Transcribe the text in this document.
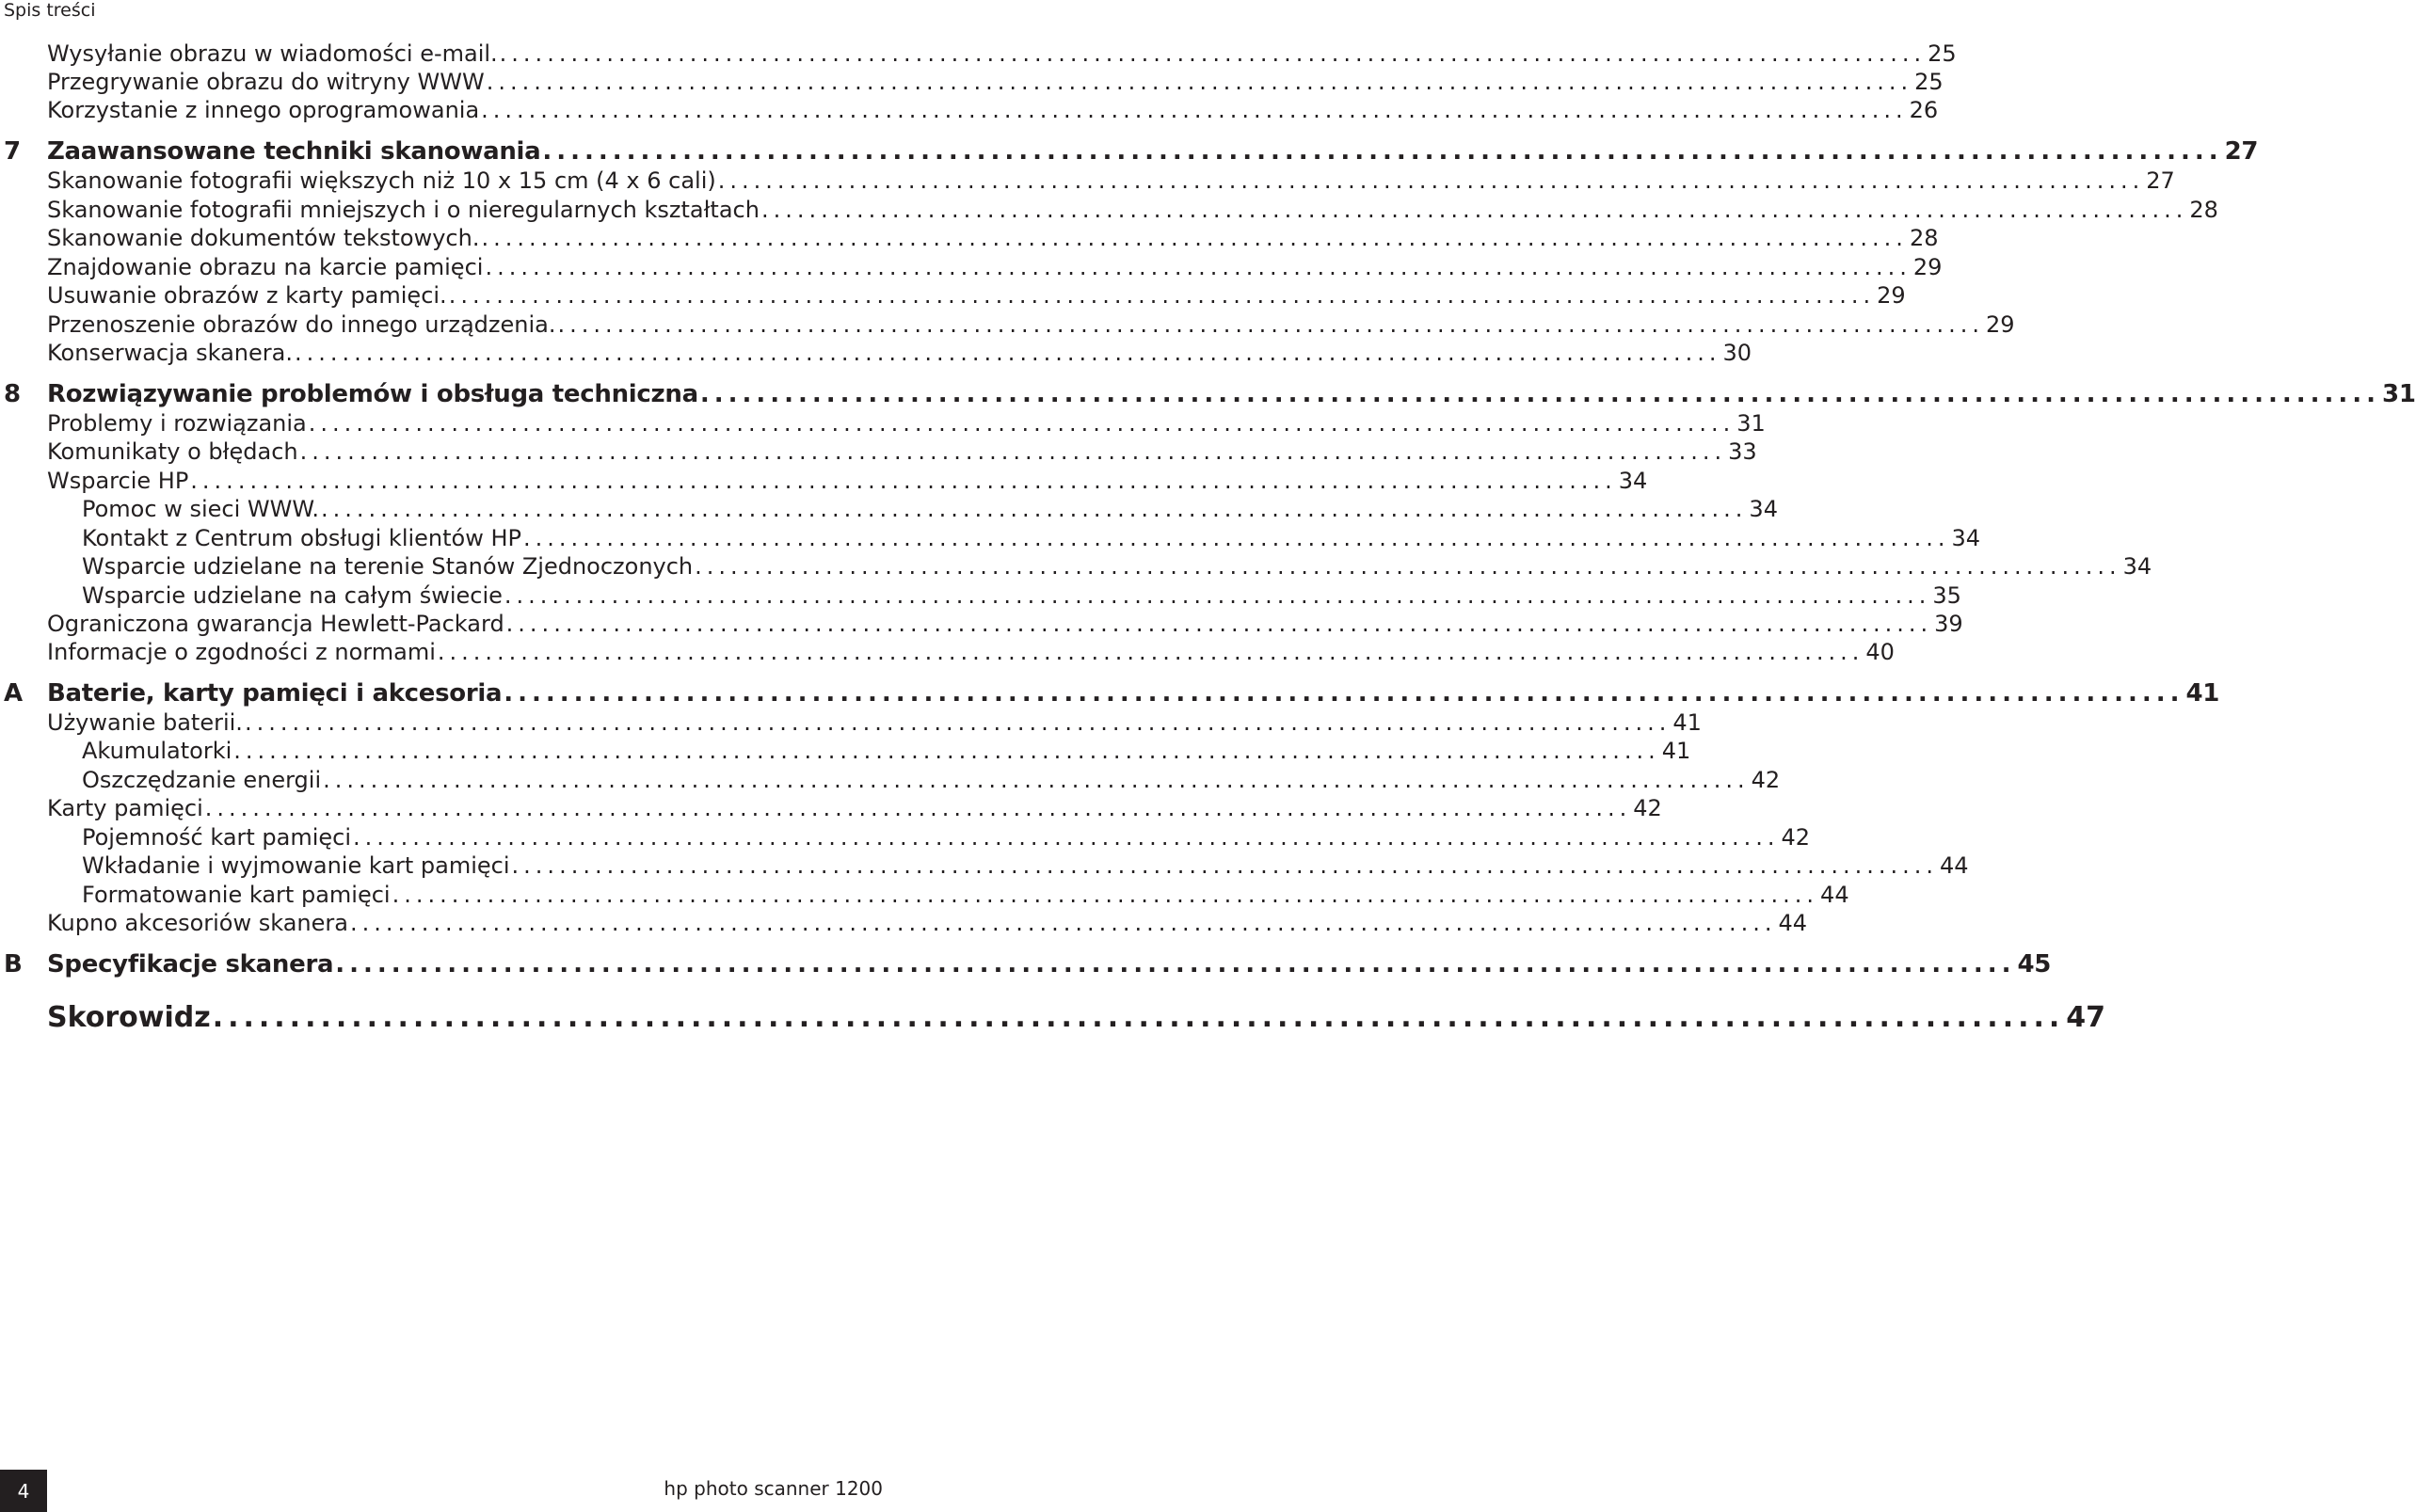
Spis treści
Wysyłanie obrazu w wiadomości e-mail. ........................................................................................................................ 25
Przegrywanie obrazu do witryny WWW ........................................................................................................................ 25
Korzystanie z innego oprogramowania ........................................................................................................................ 26
Zaawansowane techniki skanowania ........................................................................................................................ 27
7
Skanowanie fotografii większych niż 10 x 15 cm (4 x 6 cali) ........................................................................................................................ 27
Skanowanie fotografii mniejszych i o nieregularnych kształtach ........................................................................................................................ 28
Skanowanie dokumentów tekstowych. ........................................................................................................................ 28
Znajdowanie obrazu na karcie pamięci ........................................................................................................................ 29
Usuwanie obrazów z karty pamięci. ........................................................................................................................ 29
Przenoszenie obrazów do innego urządzenia. ........................................................................................................................ 29
Konserwacja skanera. ........................................................................................................................ 30
Rozwiązywanie problemów i obsługa techniczna ........................................................................................................................ 31
8
Problemy i rozwiązania ........................................................................................................................ 31
Komunikaty o błędach ........................................................................................................................ 33
Wsparcie HP ........................................................................................................................ 34
Pomoc w sieci WWW. ........................................................................................................................ 34
Kontakt z Centrum obsługi klientów HP ........................................................................................................................ 34
Wsparcie udzielane na terenie Stanów Zjednoczonych ........................................................................................................................ 34
Wsparcie udzielane na całym świecie ........................................................................................................................ 35
Ograniczona gwarancja Hewlett-Packard ........................................................................................................................ 39
Informacje o zgodności z normami ........................................................................................................................ 40
Baterie, karty pamięci i akcesoria ........................................................................................................................ 41
A
Używanie baterii. ........................................................................................................................ 41
Akumulatorki ........................................................................................................................ 41
Oszczędzanie energii ........................................................................................................................ 42
Karty pamięci ........................................................................................................................ 42
Pojemność kart pamięci ........................................................................................................................ 42
Wkładanie i wyjmowanie kart pamięci ........................................................................................................................ 44
Formatowanie kart pamięci ........................................................................................................................ 44
Kupno akcesoriów skanera ........................................................................................................................ 44
Specyfikacje skanera ........................................................................................................................ 45
B
Skorowidz ........................................................................................................................ 47
4	hp photo scanner 1200
